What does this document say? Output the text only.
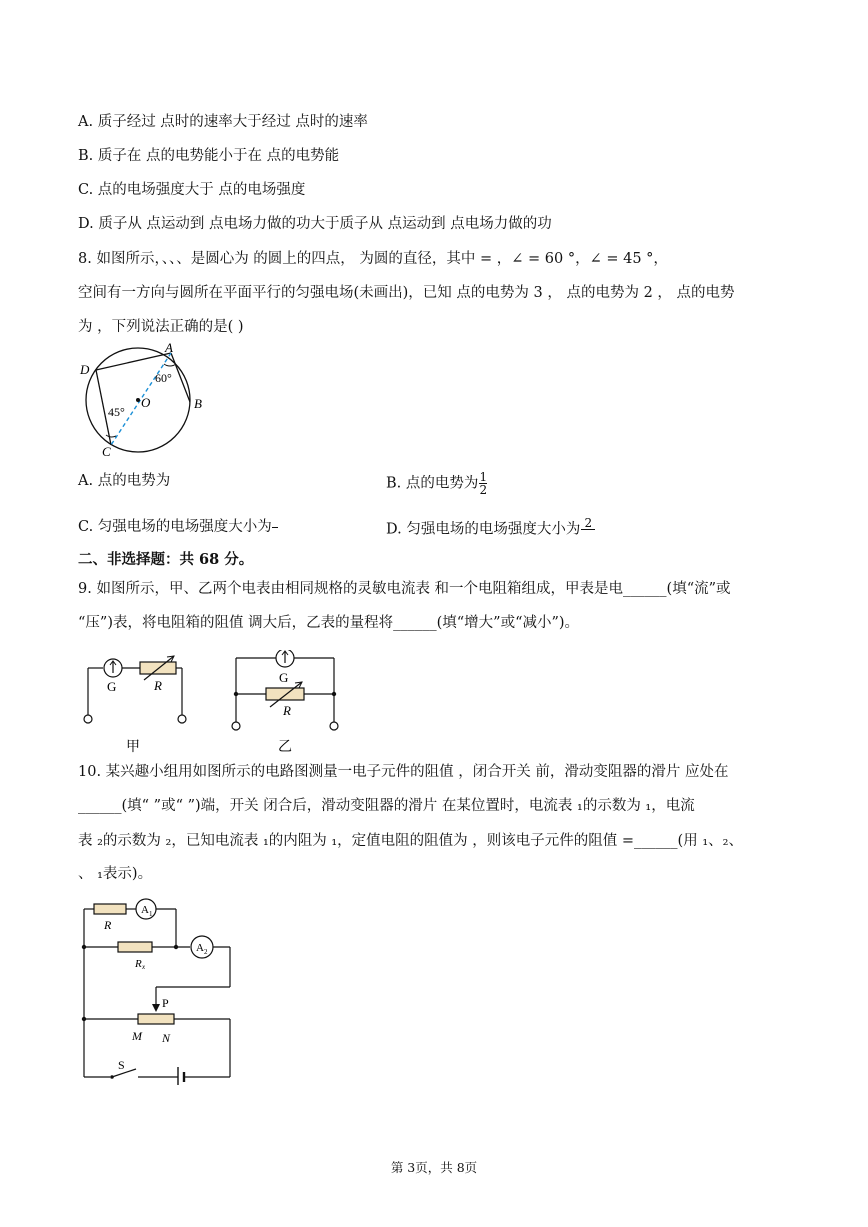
A. 质子经过 点时的速率大于经过 点时的速率
B. 质子在 点的电势能小于在 点的电势能
C. 点的电场强度大于 点的电场强度
D. 质子从 点运动到 点电场力做的功大于质子从 点运动到 点电场力做的功
8. 如图所示，、、、是圆心为 的圆上的四点， 为圆的直径，其中 = ，∠ = 60 °，∠ = 45 °，
空间有一方向与圆所在平面平行的匀强电场(未画出)，已知 点的电势为 3 ， 点的电势为 2 ， 点的电势
为 ，下列说法正确的是( )
D
A
B
C
O
60°
45°
A. 点的电势为	B. 点的电势为 $\frac{1}{2}$
C. 匀强电场的电场强度大小为	D. 匀强电场的电场强度大小为 2

二、非选择题：共 68 分。
9. 如图所示，甲、乙两个电表由相同规格的灵敏电流表 和一个电阻箱组成，甲表是电______(填“流”或
“压”)表，将电阻箱的阻值 调大后，乙表的量程将______(填“增大”或“减小”)。
G	R
甲
G
R
乙
10. 某兴趣小组用如图所示的电路图测量一电子元件的阻值 ，闭合开关 前，滑动变阻器的滑片 应处在
______(填“ ”或“ ”)端，开关 闭合后，滑动变阻器的滑片 在某位置时，电流表 ₁的示数为 ₁，电流
表 ₂的示数为 ₂，已知电流表 ₁的内阻为 ₁，定值电阻的阻值为 ，则该电子元件的阻值 =______(用 ₁、₂、
、 ₁表示)。
A 1
A 2
R
R x
P
M N
S
第 3页，共 8页
